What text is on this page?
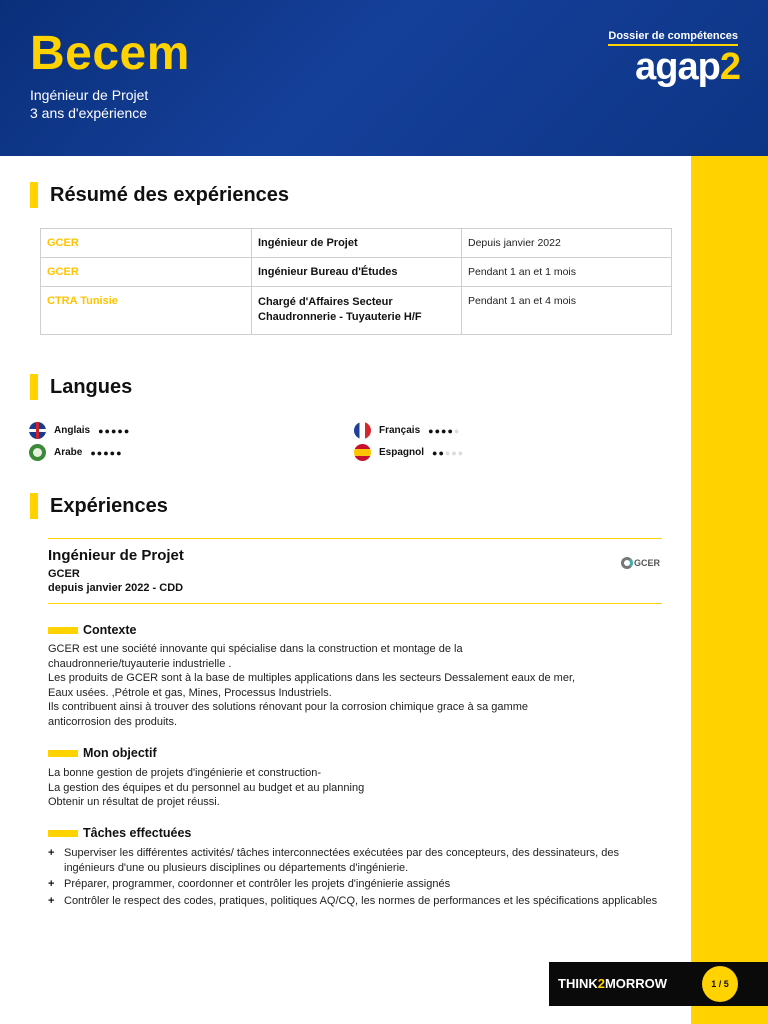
Becem
Ingénieur de Projet
3 ans d'expérience
Dossier de compétences
agap2
Résumé des expériences
GCER	Ingénieur de Projet	Depuis janvier 2022
GCER	Ingénieur Bureau d'Études	Pendant 1 an et 1 mois
CTRA Tunisie	Chargé d'Affaires Secteur Chaudronnerie - Tuyauterie H/F	Pendant 1 an et 4 mois
Langues
Anglais ●●●●●
Arabe ●●●●●
Français ●●●●●
Espagnol ●●●●●
Expériences
Ingénieur de Projet
GCER
depuis janvier 2022 - CDD
GCER
Contexte
GCER est une société innovante qui spécialise dans la construction et montage de la
chaudronnerie/tuyauterie industrielle .
Les produits de GCER sont à la base de multiples applications dans les secteurs Dessalement eaux de mer,
Eaux usées. ,Pétrole et gas, Mines, Processus Industriels.
Ils contribuent ainsi à trouver des solutions rénovant pour la corrosion chimique grace à sa gamme
anticorrosion des produits.
Mon objectif
La bonne gestion de projets d'ingénierie et construction-
La gestion des équipes et du personnel au budget et au planning
Obtenir un résultat de projet réussi.
Tâches effectuées
+ Superviser les différentes activités/ tâches interconnectées exécutées par des concepteurs, des dessinateurs, des ingénieurs d'une ou plusieurs disciplines ou départements d'ingénierie.
+ Préparer, programmer, coordonner et contrôler les projets d'ingénierie assignés
+ Contrôler le respect des codes, pratiques, politiques AQ/CQ, les normes de performances et les spécifications applicables
THINK2MORROW	1 / 5
